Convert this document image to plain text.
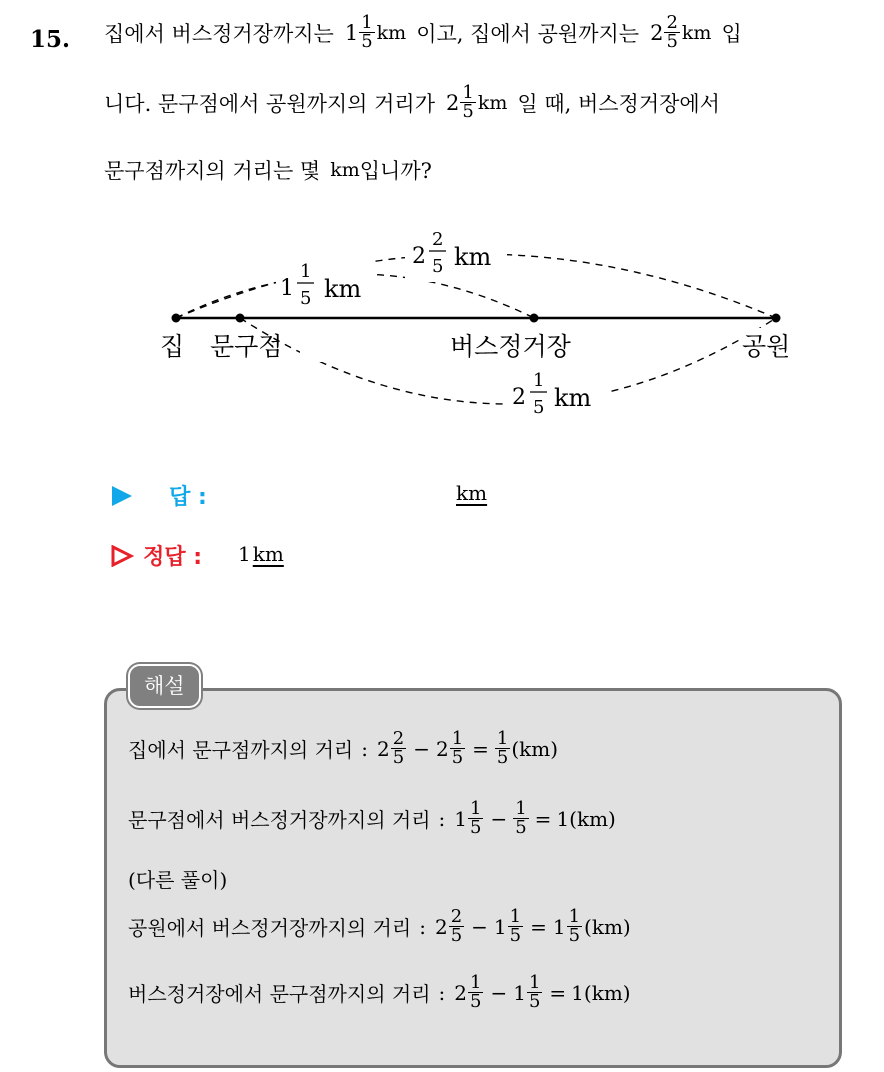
15. 집에서 버스정거장까지는 $1 \frac{1}{5}$ km 이고, 집에서 공원까지는 $2 \frac{2}{5}$ km 입
니다. 문구점에서 공원까지의 거리가 $2 \frac{1}{5}$ km 일 때, 버스정거장에서
문구점까지의 거리는 몇 km 입니까?
2
2
5 km
1
1
5 km
2
1
5 km
집 문구점	버스정거장	공원
답 :	km
정답 : 1 km
해설
집에서 문구점까지의 거리 : $2 \frac{2}{5} - 2 \frac{1}{5} = \frac{1}{5} (km)$
문구점에서 버스정거장까지의 거리 : $1 \frac{1}{5} - \frac{1}{5} = 1(km)$
(다른 풀이)
공원에서 버스정거장까지의 거리 : $2 \frac{2}{5} - 1 \frac{1}{5} = 1 \frac{1}{5} (km)$
버스정거장에서 문구점까지의 거리 : $2 \frac{1}{5} - 1 \frac{1}{5} = 1(km)$
